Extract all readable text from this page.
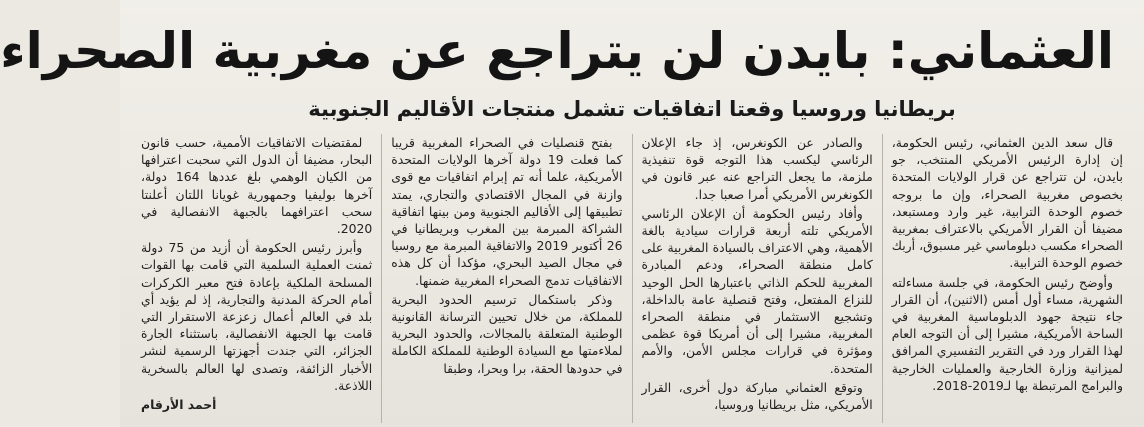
العثماني: بايدن لن يتراجع عن مغربية الصحراء
بريطانيا وروسيا وقعتا اتفاقيات تشمل منتجات الأقاليم الجنوبية

قال سعد الدين العثماني، رئيس الحكومة، إن إدارة الرئيس الأمريكي المنتخب، جو بايدن، لن تتراجع عن قرار الولايات المتحدة بخصوص مغربية الصحراء، وإن ما بروجه خصوم الوحدة الترابية، غير وارد ومستبعد، مضيفا أن القرار الأمريكي بالاعتراف بمغربية الصحراء مكسب دبلوماسي غير مسبوق، أربك خصوم الوحدة الترابية.

وأوضح رئيس الحكومة، في جلسة مساءلته الشهرية، مساء أول أمس (الاثنين)، أن القرار جاء نتيجة جهود الدبلوماسية المغربية في الساحة الأمريكية، مشيرا إلى أن التوجه العام لهذا القرار ورد في التقرير التفسيري المرافق لميزانية وزارة الخارجية والعمليات الخارجية والبرامج المرتبطة بها لـ2019-2018.

والصادر عن الكونغرس، إذ جاء الإعلان الرئاسي ليكسب هذا التوجه قوة تنفيذية ملزمة، ما يجعل التراجع عنه عبر قانون في الكونغرس الأمريكي أمرا صعبا جدا.

وأفاد رئيس الحكومة أن الإعلان الرئاسي الأمريكي تلته أربعة قرارات سيادية بالغة الأهمية، وهي الاعتراف بالسيادة المغربية على كامل منطقة الصحراء، ودعم المبادرة المغربية للحكم الذاتي باعتبارها الحل الوحيد للنزاع المفتعل، وفتح قنصلية عامة بالداخلة، وتشجيع الاستثمار في منطقة الصحراء المغربية، مشيرا إلى أن أمريكا قوة عظمى ومؤثرة في قرارات مجلس الأمن، والأمم المتحدة.

وتوقع العثماني مباركة دول أخرى، القرار الأمريكي، مثل بريطانيا وروسيا،

بفتح قنصليات في الصحراء المغربية قريبا كما فعلت 19 دولة آخرها الولايات المتحدة الأمريكية، علما أنه تم إبرام اتفاقيات مع قوى وازنة في المجال الاقتصادي والتجاري، يمتد تطبيقها إلى الأقاليم الجنوبية ومن بينها اتفاقية الشراكة المبرمة بين المغرب وبريطانيا في 26 أكتوبر 2019 والاتفاقية المبرمة مع روسيا في مجال الصيد البحري، مؤكدا أن كل هذه الاتفاقيات تدمج الصحراء المغربية ضمنها.

وذكر باستكمال ترسيم الحدود البحرية للمملكة، من خلال تحيين الترسانة القانونية الوطنية المتعلقة بالمجالات، والحدود البحرية لملاءمتها مع السيادة الوطنية للمملكة الكاملة في حدودها الحقة، برا وبحرا، وطبقا

لمقتضيات الاتفاقيات الأممية، حسب قانون البحار، مضيفا أن الدول التي سحبت اعترافها من الكيان الوهمي بلغ عددها 164 دولة، آخرها بوليفيا وجمهورية غويانا اللتان أعلنتا سحب اعترافهما بالجبهة الانفصالية في 2020.

وأبرز رئيس الحكومة أن أزيد من 75 دولة ثمنت العملية السلمية التي قامت بها القوات المسلحة الملكية بإعادة فتح معبر الكركرات أمام الحركة المدنية والتجارية، إذ لم يؤيد أي بلد في العالم أعمال زعزعة الاستقرار التي قامت بها الجبهة الانفصالية، باستثناء الجارة الجزائر، التي جندت أجهزتها الرسمية لنشر الأخبار الزائفة، وتصدى لها العالم بالسخرية اللاذعة.

أحمد الأرقام
